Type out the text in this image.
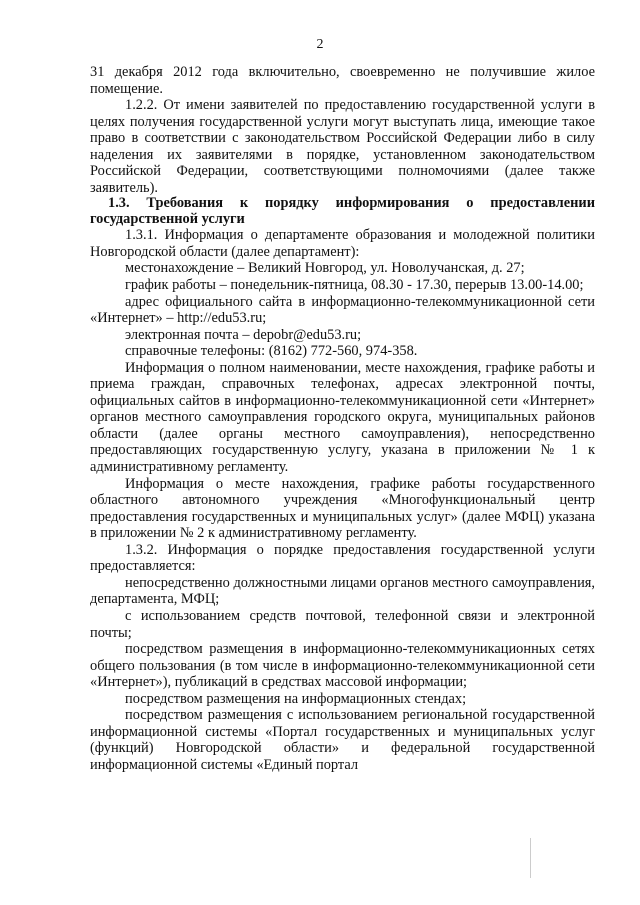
2

31 декабря 2012 года включительно, своевременно не получившие жилое помещение.

1.2.2. От имени заявителей по предоставлению государственной услуги в целях получения государственной услуги могут выступать лица, имеющие такое право в соответствии с законодательством Российской Федерации либо в силу наделения их заявителями в порядке, установленном законодательством Российской Федерации, соответствующими полномочиями (далее также заявитель).

1.3. Требования к порядку информирования о предоставлении государственной услуги

1.3.1. Информация о департаменте образования и молодежной политики Новгородской области (далее департамент):

местонахождение – Великий Новгород, ул. Новолучанская, д. 27;

график работы – понедельник-пятница, 08.30 - 17.30, перерыв 13.00-14.00;

адрес официального сайта в информационно-телекоммуникационной сети «Интернет» – http://edu53.ru;

электронная почта – depobr@edu53.ru;

справочные телефоны: (8162) 772-560, 974-358.

Информация о полном наименовании, месте нахождения, графике работы и приема граждан, справочных телефонах, адресах электронной почты, официальных сайтов в информационно-телекоммуникационной сети «Интернет» органов местного самоуправления городского округа, муниципальных районов области (далее органы местного самоуправления), непосредственно предоставляющих государственную услугу, указана в приложении № 1 к административному регламенту.

Информация о месте нахождения, графике работы государственного областного автономного учреждения «Многофункциональный центр предоставления государственных и муниципальных услуг» (далее МФЦ) указана в приложении № 2 к административному регламенту.

1.3.2. Информация о порядке предоставления государственной услуги предоставляется:

непосредственно должностными лицами органов местного самоуправления, департамента, МФЦ;

с использованием средств почтовой, телефонной связи и электронной почты;

посредством размещения в информационно-телекоммуникационных сетях общего пользования (в том числе в информационно-телекоммуникационной сети «Интернет»), публикаций в средствах массовой информации;

посредством размещения на информационных стендах;

посредством размещения с использованием региональной государственной информационной системы «Портал государственных и муниципальных услуг (функций) Новгородской области» и федеральной государственной информационной системы «Единый портал
